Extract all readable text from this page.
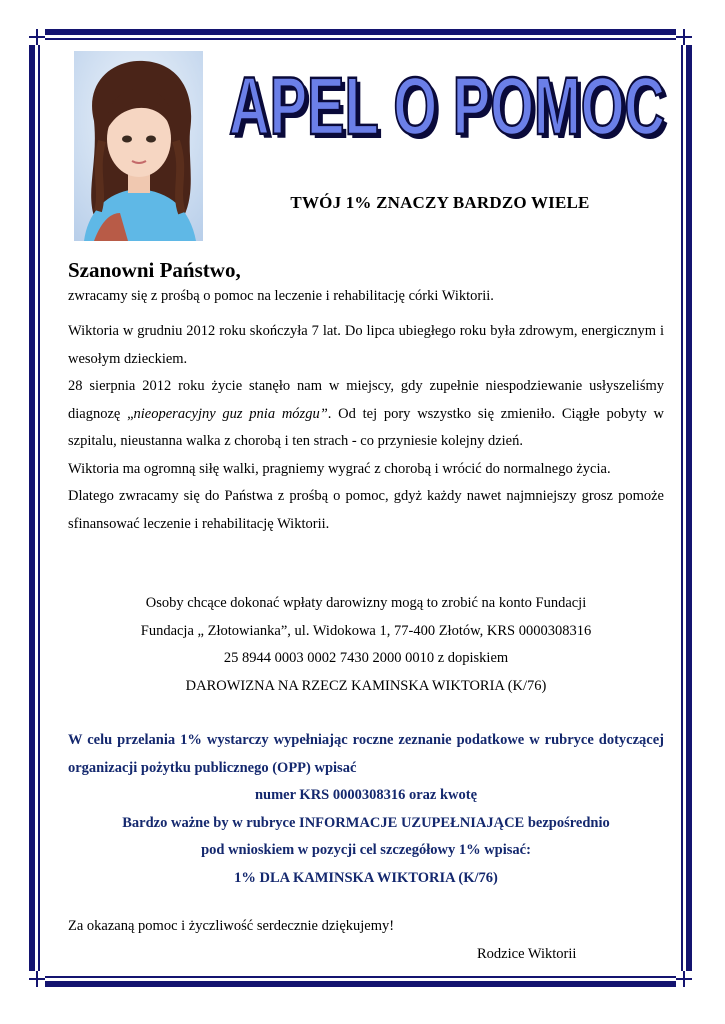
APEL O POMOC
APEL O POMOC
TWÓJ 1% ZNACZY BARDZO WIELE
Szanowni Państwo,
zwracamy się z prośbą o pomoc na leczenie i rehabilitację córki Wiktorii.

Wiktoria w grudniu 2012 roku skończyła 7 lat. Do lipca ubiegłego roku była zdrowym, energicznym i wesołym dzieckiem.

28 sierpnia 2012 roku życie stanęło nam w miejscy, gdy zupełnie niespodziewanie usłyszeliśmy diagnozę „nieoperacyjny guz pnia mózgu”. Od tej pory wszystko się zmieniło. Ciągłe pobyty w szpitalu, nieustanna walka z chorobą i ten strach - co przyniesie kolejny dzień.

Wiktoria ma ogromną siłę walki, pragniemy wygrać z chorobą i wrócić do normalnego życia.

Dlatego zwracamy się do Państwa z prośbą o pomoc, gdyż każdy nawet najmniejszy grosz pomoże sfinansować leczenie i rehabilitację Wiktorii.

Osoby chcące dokonać wpłaty darowizny mogą to zrobić na konto Fundacji

Fundacja „ Złotowianka”, ul. Widokowa 1, 77-400 Złotów, KRS 0000308316

25 8944 0003 0002 7430 2000 0010 z dopiskiem

DAROWIZNA NA RZECZ KAMINSKA WIKTORIA (K/76)

W celu przelania 1% wystarczy wypełniając roczne zeznanie podatkowe w rubryce dotyczącej organizacji pożytku publicznego (OPP) wpisać

numer KRS 0000308316 oraz kwotę

Bardzo ważne by w rubryce INFORMACJE UZUPEŁNIAJĄCE bezpośrednio

pod wnioskiem w pozycji cel szczegółowy 1% wpisać:

1% DLA KAMINSKA WIKTORIA (K/76)

Za okazaną pomoc i życzliwość serdecznie dziękujemy!
Rodzice Wiktorii
